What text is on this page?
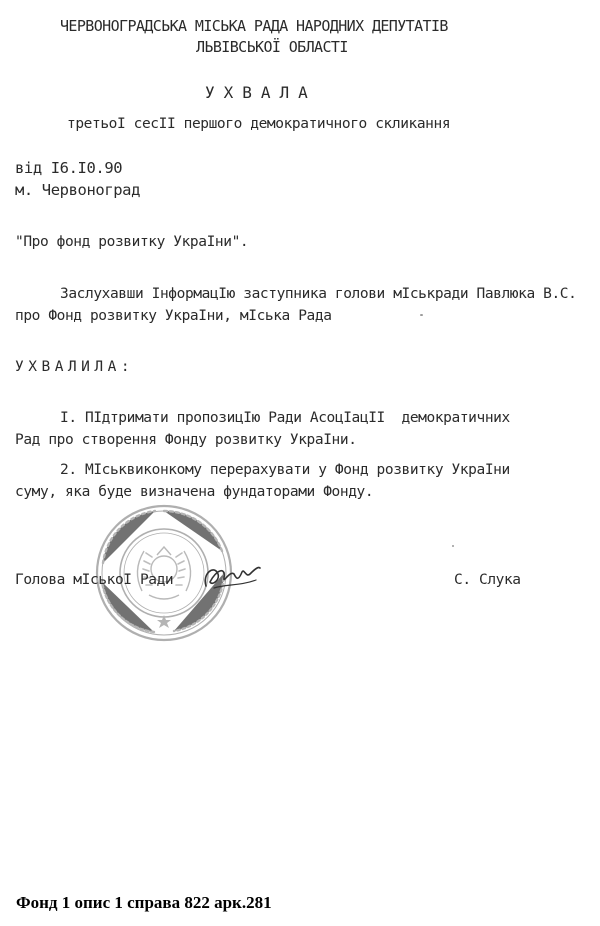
ЧЕРВОНОГРАДСЬКА МІСЬКА РАДА НАРОДНИХ ДЕПУТАТІВ
ЛЬВІВСЬКОЇ ОБЛАСТІ
УХВАЛА
третьоI сесII першого демократичного скликання
від I6.I0.90
м. Червоноград
"Про фонд розвитку УкраIни".
Заслухавши IнформацIю заступника голови мIськради Павлюка В.С.
про Фонд розвитку УкраIни, мIська Рада
УХВАЛИЛА:
I. ПIдтримати пропозицIю Ради АсоцIацII  демократичних
Рад про створення Фонду розвитку УкраIни.
2. МIськвиконкому перерахувати у Фонд розвитку УкраIни
суму, яка буде визначена фундаторами Фонду.
Голова мIськоI Ради	С. Слука
Фонд 1 опис 1 справа 822 арк.281
